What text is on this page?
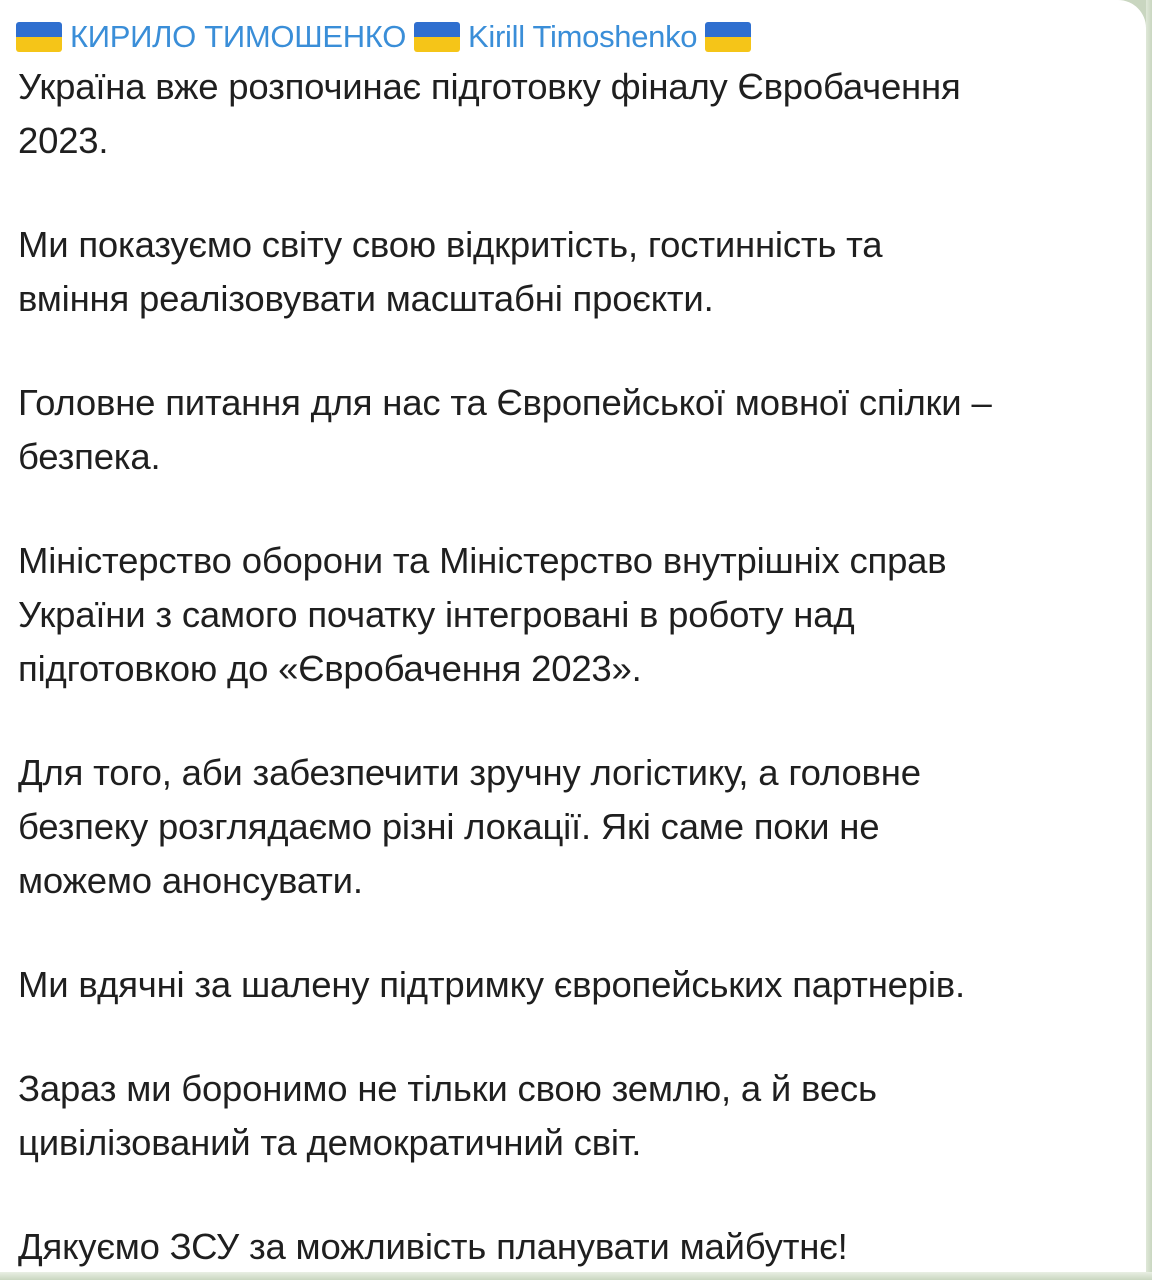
КИРИЛО ТИМОШЕНКО Kirill Timoshenko

Україна вже розпочинає підготовку фіналу Євробачення
2023.

Ми показуємо світу свою відкритість, гостинність та
вміння реалізовувати масштабні проєкти.

Головне питання для нас та Європейської мовної спілки –
безпека.

Міністерство оборони та Міністерство внутрішніх справ
України з самого початку інтегровані в роботу над
підготовкою до «Євробачення 2023».

Для того, аби забезпечити зручну логістику, а головне
безпеку розглядаємо різні локації. Які саме поки не
можемо анонсувати.

Ми вдячні за шалену підтримку європейських партнерів.

Зараз ми боронимо не тільки свою землю, а й весь
цивілізований та демократичний світ.

Дякуємо ЗСУ за можливість планувати майбутнє!
